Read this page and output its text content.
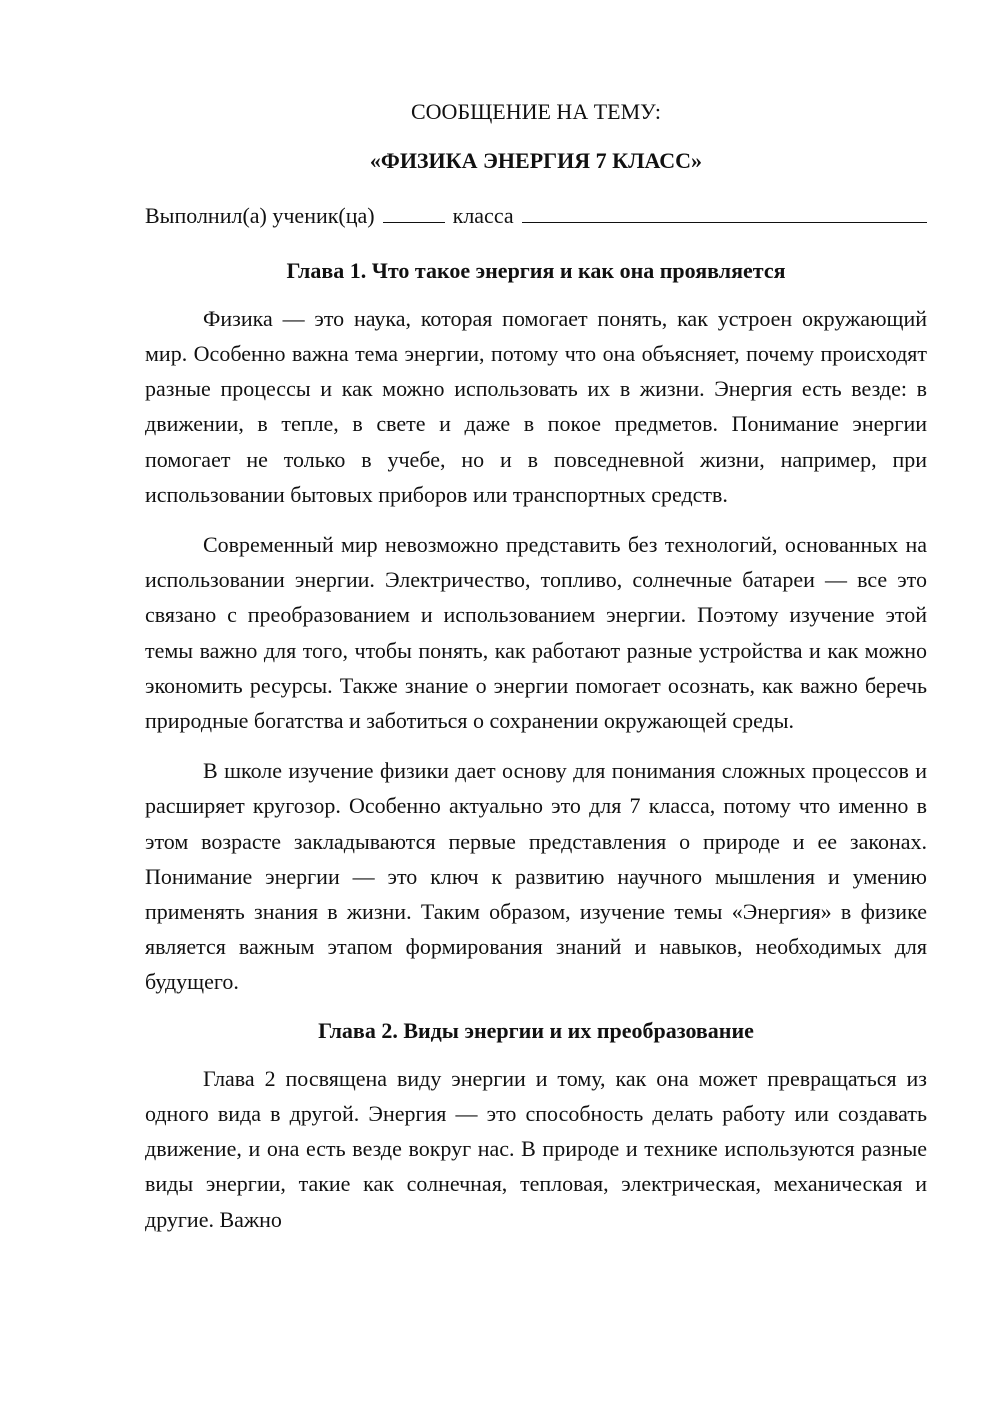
СООБЩЕНИЕ НА ТЕМУ:

«ФИЗИКА ЭНЕРГИЯ 7 КЛАСС»

Выполнил(а) ученик(ца)	класса
Глава 1. Что такое энергия и как она проявляется

Физика — это наука, которая помогает понять, как устроен окружающий мир. Особенно важна тема энергии, потому что она объясняет, почему происходят разные процессы и как можно использовать их в жизни. Энергия есть везде: в движении, в тепле, в свете и даже в покое предметов. Понимание энергии помогает не только в учебе, но и в повседневной жизни, например, при использовании бытовых приборов или транспортных средств.

Современный мир невозможно представить без технологий, основанных на использовании энергии. Электричество, топливо, солнечные батареи — все это связано с преобразованием и использованием энергии. Поэтому изучение этой темы важно для того, чтобы понять, как работают разные устройства и как можно экономить ресурсы. Также знание о энергии помогает осознать, как важно беречь природные богатства и заботиться о сохранении окружающей среды.

В школе изучение физики дает основу для понимания сложных процессов и расширяет кругозор. Особенно актуально это для 7 класса, потому что именно в этом возрасте закладываются первые представления о природе и ее законах. Понимание энергии — это ключ к развитию научного мышления и умению применять знания в жизни. Таким образом, изучение темы «Энергия» в физике является важным этапом формирования знаний и навыков, необходимых для будущего.

Глава 2. Виды энергии и их преобразование

Глава 2 посвящена виду энергии и тому, как она может превращаться из одного вида в другой. Энергия — это способность делать работу или создавать движение, и она есть везде вокруг нас. В природе и технике используются разные виды энергии, такие как солнечная, тепловая, электрическая, механическая и другие. Важно
